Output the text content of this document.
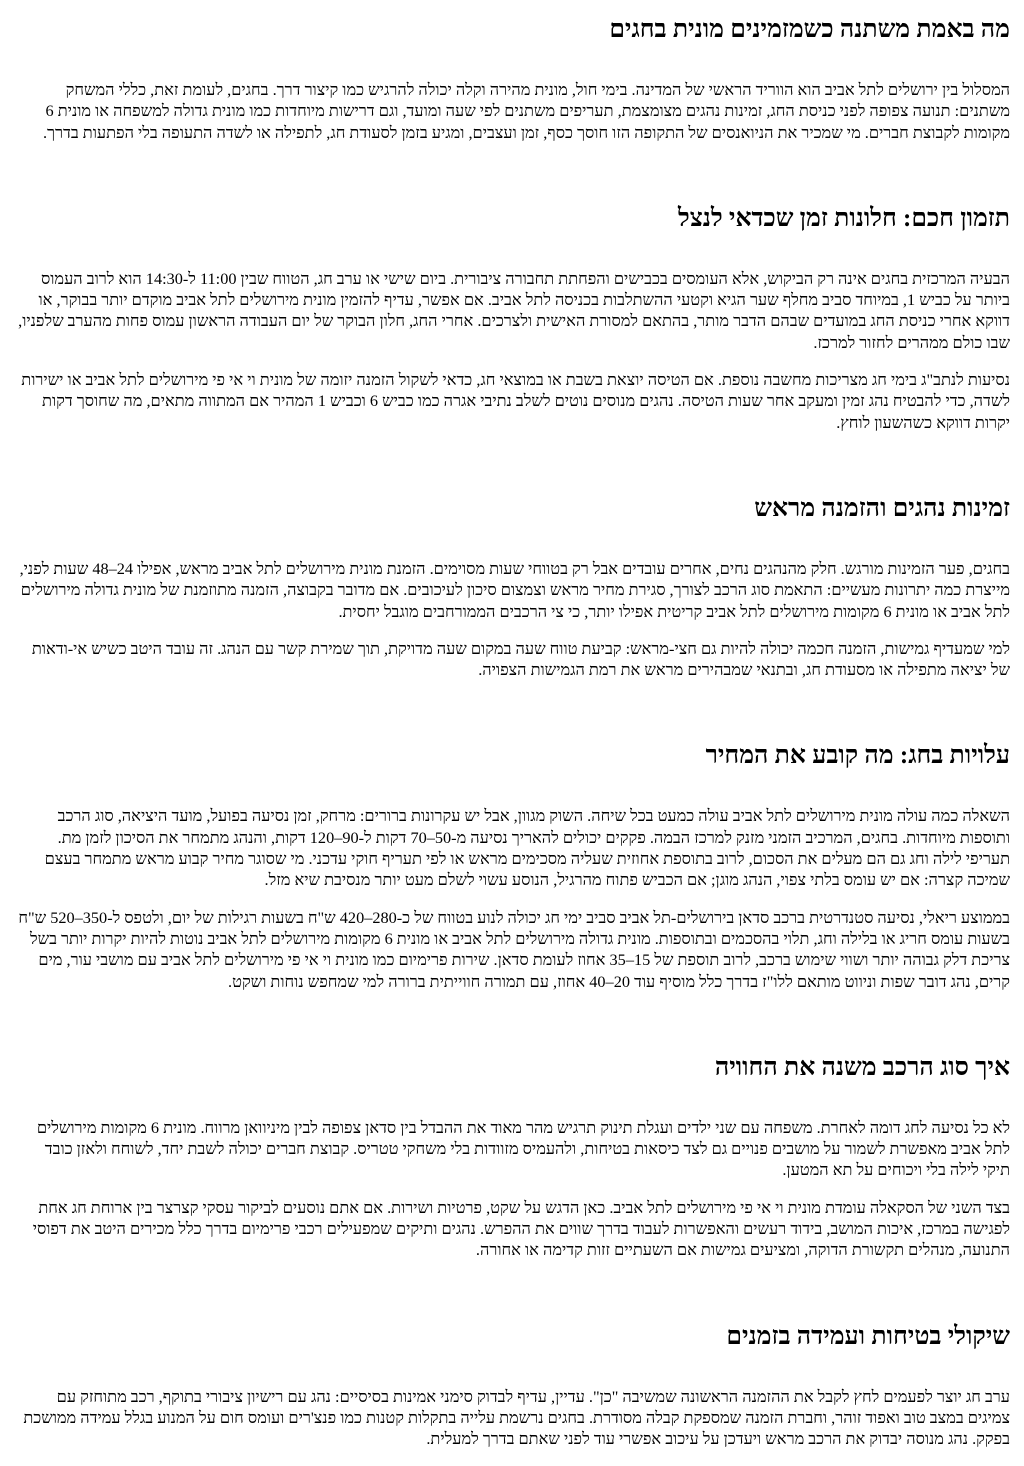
מה באמת משתנה כשמזמינים מונית בחגים

המסלול בין ירושלים לתל אביב הוא הווריד הראשי של המדינה. בימי חול, מונית מהירה וקלה יכולה להרגיש כמו קיצור דרך. בחגים, לעומת זאת, כללי המשחק משתנים: תנועה צפופה לפני כניסת החג, זמינות נהגים מצומצמת, תעריפים משתנים לפי שעה ומועד, וגם דרישות מיוחדות כמו מונית גדולה למשפחה או מונית 6 מקומות לקבוצת חברים. מי שמכיר את הניואנסים של התקופה הזו חוסך כסף, זמן ועצבים, ומגיע בזמן לסעודת חג, לתפילה או לשדה התעופה בלי הפתעות בדרך.

תזמון חכם: חלונות זמן שכדאי לנצל

הבעיה המרכזית בחגים אינה רק הביקוש, אלא העומסים בכבישים והפחתת תחבורה ציבורית. ביום שישי או ערב חג, הטווח שבין 11:00 ל-14:30 הוא לרוב העמוס ביותר על כביש 1, במיוחד סביב מחלף שער הגיא וקטעי ההשתלבות בכניסה לתל אביב. אם אפשר, עדיף להזמין מונית מירושלים לתל אביב מוקדם יותר בבוקר, או דווקא אחרי כניסת החג במועדים שבהם הדבר מותר, בהתאם למסורת האישית ולצרכים. אחרי החג, חלון הבוקר של יום העבודה הראשון עמוס פחות מהערב שלפניו, שבו כולם ממהרים לחזור למרכז.

נסיעות לנתב"ג בימי חג מצריכות מחשבה נוספת. אם הטיסה יוצאת בשבת או במוצאי חג, כדאי לשקול הזמנה יזומה של מונית וי אי פי מירושלים לתל אביב או ישירות לשדה, כדי להבטיח נהג זמין ומעקב אחר שעות הטיסה. נהגים מנוסים נוטים לשלב נתיבי אגרה כמו כביש 6 וכביש 1 המהיר אם המתווה מתאים, מה שחוסך דקות יקרות דווקא כשהשעון לוחץ.

זמינות נהגים והזמנה מראש

בחגים, פער הזמינות מורגש. חלק מהנהגים נחים, אחרים עובדים אבל רק בטווחי שעות מסוימים. הזמנת מונית מירושלים לתל אביב מראש, אפילו 24–48 שעות לפני, מייצרת כמה יתרונות מעשיים: התאמת סוג הרכב לצורך, סגירת מחיר מראש וצמצום סיכון לעיכובים. אם מדובר בקבוצה, הזמנה מתוזמנת של מונית גדולה מירושלים לתל אביב או מונית 6 מקומות מירושלים לתל אביב קריטית אפילו יותר, כי צי הרכבים הממורחבים מוגבל יחסית.

למי שמעדיף גמישות, הזמנה חכמה יכולה להיות גם חצי-מראש: קביעת טווח שעה במקום שעה מדויקת, תוך שמירת קשר עם הנהג. זה עובד היטב כשיש אי-ודאות של יציאה מתפילה או מסעודת חג, ובתנאי שמבהירים מראש את רמת הגמישות הצפויה.

עלויות בחג: מה קובע את המחיר

השאלה כמה עולה מונית מירושלים לתל אביב עולה כמעט בכל שיחה. השוק מגוון, אבל יש עקרונות ברורים: מרחק, זמן נסיעה בפועל, מועד היציאה, סוג הרכב ותוספות מיוחדות. בחגים, המרכיב הזמני מזנק למרכז הבמה. פקקים יכולים להאריך נסיעה מ-50–70 דקות ל-90–120 דקות, והנהג מתמחר את הסיכון לזמן מת. תעריפי לילה וחג גם הם מעלים את הסכום, לרוב בתוספת אחוזית שעליה מסכימים מראש או לפי תעריף חוקי עדכני. מי שסוגר מחיר קבוע מראש מתמחר בעצם שמיכה קצרה: אם יש עומס בלתי צפוי, הנהג מוגן; אם הכביש פתוח מהרגיל, הנוסע עשוי לשלם מעט יותר מנסיבת שיא מזל.

בממוצע ריאלי, נסיעה סטנדרטית ברכב סדאן בירושלים-תל אביב סביב ימי חג יכולה לנוע בטווח של כ-280–420 ש"ח בשעות רגילות של יום, ולטפס ל-350–520 ש"ח בשעות עומס חריג או בלילה וחג, תלוי בהסכמים ובתוספות. מונית גדולה מירושלים לתל אביב או מונית 6 מקומות מירושלים לתל אביב נוטות להיות יקרות יותר בשל צריכת דלק גבוהה יותר ושווי שימוש ברכב, לרוב תוספת של 15–35 אחוז לעומת סדאן. שירות פרימיום כמו מונית וי אי פי מירושלים לתל אביב עם מושבי עור, מים קרים, נהג דובר שפות וניווט מותאם ללו"ז בדרך כלל מוסיף עוד 20–40 אחוז, עם תמורה חווייתית ברורה למי שמחפש נוחות ושקט.

איך סוג הרכב משנה את החוויה

לא כל נסיעה לחג דומה לאחרת. משפחה עם שני ילדים ועגלת תינוק תרגיש מהר מאוד את ההבדל בין סדאן צפופה לבין מיניוואן מרווח. מונית 6 מקומות מירושלים לתל אביב מאפשרת לשמור על מושבים פנויים גם לצד כיסאות בטיחות, ולהעמיס מזוודות בלי משחקי טטריס. קבוצת חברים יכולה לשבת יחד, לשוחח ולאזן כובד תיקי לילה בלי ויכוחים על תא המטען.

בצד השני של הסקאלה עומדת מונית וי אי פי מירושלים לתל אביב. כאן הדגש על שקט, פרטיות ושירות. אם אתם נוסעים לביקור עסקי קצרצר בין ארוחת חג אחת לפגישה במרכז, איכות המושב, בידוד רעשים והאפשרות לעבוד בדרך שווים את ההפרש. נהגים ותיקים שמפעילים רכבי פרימיום בדרך כלל מכירים היטב את דפוסי התנועה, מנהלים תקשורת הדוקה, ומציעים גמישות אם השעתיים זזות קדימה או אחורה.

שיקולי בטיחות ועמידה בזמנים

ערב חג יוצר לפעמים לחץ לקבל את ההזמנה הראשונה שמשיבה "כן". עדיין, עדיף לבדוק סימני אמינות בסיסיים: נהג עם רישיון ציבורי בתוקף, רכב מתוחזק עם צמיגים במצב טוב ואפוד זוהר, וחברת הזמנה שמספקת קבלה מסודרת. בחגים נרשמת עלייה בתקלות קטנות כמו פנצ'רים ועומס חום על המנוע בגלל עמידה ממושכת בפקק. נהג מנוסה יבדוק את הרכב מראש ויעדכן על עיכוב אפשרי עוד לפני שאתם בדרך למעלית.
